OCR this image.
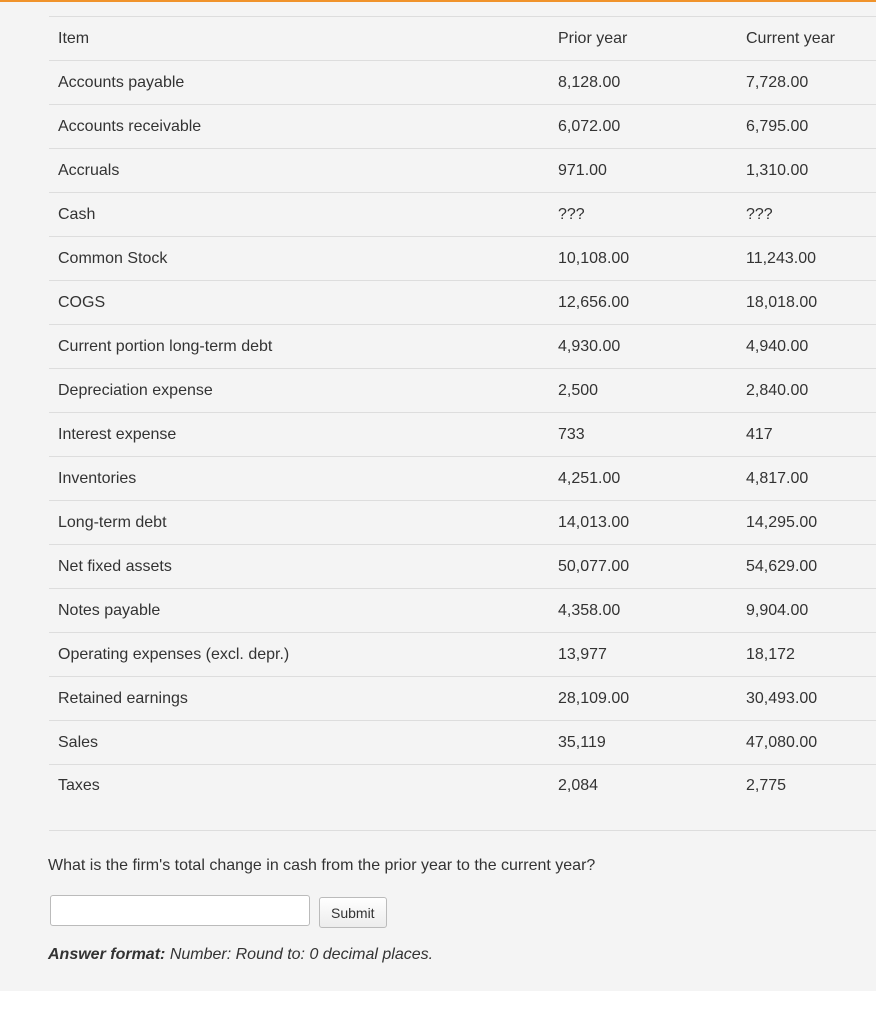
Item	Prior year	Current year
Accounts payable	8,128.00	7,728.00
Accounts receivable	6,072.00	6,795.00
Accruals	971.00	1,310.00
Cash	???	???
Common Stock	10,108.00	11,243.00
COGS	12,656.00	18,018.00
Current portion long-term debt	4,930.00	4,940.00
Depreciation expense	2,500	2,840.00
Interest expense	733	417
Inventories	4,251.00	4,817.00
Long-term debt	14,013.00	14,295.00
Net fixed assets	50,077.00	54,629.00
Notes payable	4,358.00	9,904.00
Operating expenses (excl. depr.)	13,977	18,172
Retained earnings	28,109.00	30,493.00
Sales	35,119	47,080.00
Taxes	2,084	2,775
What is the firm's total change in cash from the prior year to the current year?
Submit
Answer format: Number: Round to: 0 decimal places.
